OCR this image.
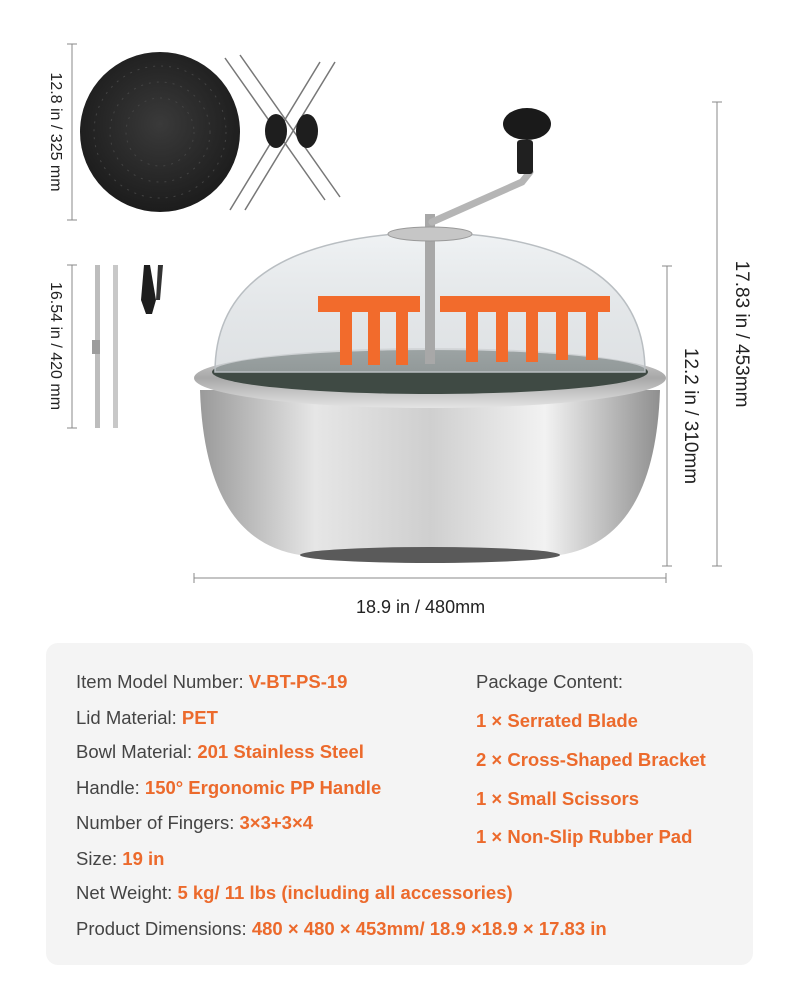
12.8 in / 325 mm
16.54 in / 420 mm	17.83 in / 453mm
12.2 in / 310mm
18.9 in / 480mm
Item Model Number: V-BT-PS-19
Lid Material: PET
Bowl Material: 201 Stainless Steel
Handle: 150° Ergonomic PP Handle
Number of Fingers: 3×3+3×4
Size: 19 in
Net Weight: 5 kg/ 11 lbs (including all accessories)
Product Dimensions: 480 × 480 × 453mm/ 18.9 ×18.9 × 17.83 in
Package Content:
1 × Serrated Blade
2 × Cross-Shaped Bracket
1 × Small Scissors
1 × Non-Slip Rubber Pad
